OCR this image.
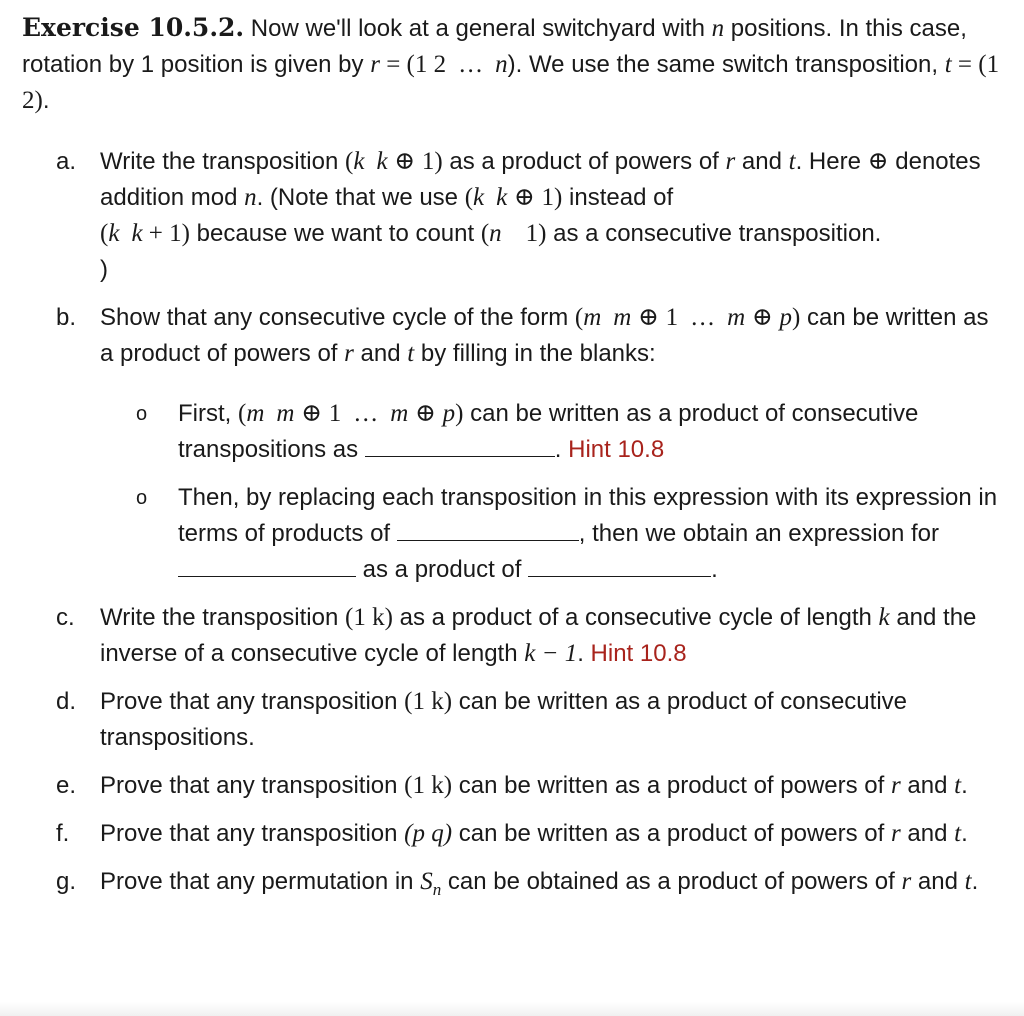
Exercise 10.5.2. Now we'll look at a general switchyard with n positions. In this case, rotation by 1 position is given by r = (1 2 … n). We use the same switch transposition, t = (1 2).

a. Write the transposition (k k ⊕ 1) as a product of powers of r and t. Here ⊕ denotes addition mod n. (Note that we use (k k ⊕ 1) instead of
(k k + 1) because we want to count (n 1) as a consecutive transposition.
)
b. Show that any consecutive cycle of the form (m m ⊕ 1 … m ⊕ p) can be written as a product of powers of r and t by filling in the blanks:
o First, (m m ⊕ 1 … m ⊕ p) can be written as a product of consecutive transpositions as	. Hint 10.8
o Then, by replacing each transposition in this expression with its expression in terms of products of	, then we obtain an expression for  as a product of	.
c. Write the transposition (1 k) as a product of a consecutive cycle of length k and the inverse of a consecutive cycle of length k − 1. Hint 10.8
d. Prove that any transposition (1 k) can be written as a product of consecutive transpositions.
e. Prove that any transposition (1 k) can be written as a product of powers of r and t.
f. Prove that any transposition (p q) can be written as a product of powers of r and t.
g. Prove that any permutation in $S_n$ can be obtained as a product of powers of r and t.
